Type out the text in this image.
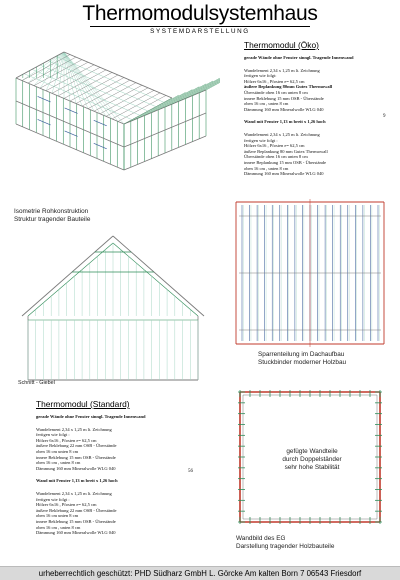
Thermomodulsystemhaus
SYSTEMDARSTELLUNG
Isometrie Rohkonstruktion
Struktur tragender Bauteile
Thermomodul (Öko)
gerade Wände ohne Fenster sinngl. Tragende Innenwand
Wandelement 2,34 x 1,25 m lt. Zeichnung
fertigen wie folgt:
Hölzer 6x16 , Pfosten e= 62,5 cm
äußere Beplankung 80mm Gutex Thermowall
Überstände oben 16 cm unten 8 cm
innere Beklebung 15 mm OSB - Überstände
oben 16 cm , unten 8 cm
Dämmung 160 mm Mineralwolle WLG 040
Wand mit Fenster 1,13 m breit x 1,26 hoch
Wandelement 2,34 x 1,25 m lt. Zeichnung
fertigen wie folgt :
Hölzer 6x16 , Pfosten e= 62,5 cm
äußere Beplankung 80 mm Gutex Thermowall
Überstände oben 16 cm unten 8 cm
innere Beplankung 15 mm OSB - Überstände
oben 16 cm , unten 8 cm
Dämmung 160 mm Mineralwolle WLG 040
9
Schnitt - Giebel
Sparrenteilung im Dachaufbau
Stuckbinder moderner Holzbau
Thermomodul (Standard)
gerade Wände ohne Fenster sinngl. Tragende Innenwand
Wandelement 2,34 x 1,25 m lt. Zeichnung
fertigen wie folgt :
Hölzer 6x16 , Pfosten e= 62,5 cm
äußere Beklebung 22 mm OSB - Überstände
oben 16 cm unten 8 cm
innere Beklebung 15 mm OSB - Überstände
oben 16 cm , unten 8 cm
Dämmung 160 mm Mineralwolle WLG 040
Wand mit Fenster 1,13 m breit x 1,26 hoch
Wandelement 2,34 x 1,25 m lt. Zeichnung
fertigen wie folgt :
Hölzer 6x16 , Pfosten e= 62,5 cm
äußere Beklebung 22 mm OSB - Überstände
oben 16 cm unten 8 cm
innere Beklebung 15 mm OSB - Überstände
oben 16 cm , unten 8 cm
Dämmung 160 mm Mineralwolle WLG 040
56
gefügte Wandteile
durch Doppelständer
sehr hohe Stabilität
Wandbild des EG
Darstellung tragender Holzbauteile
urheberrechtlich geschützt: PHD Südharz GmbH L. Görcke Am kalten Born 7 06543 Friesdorf
